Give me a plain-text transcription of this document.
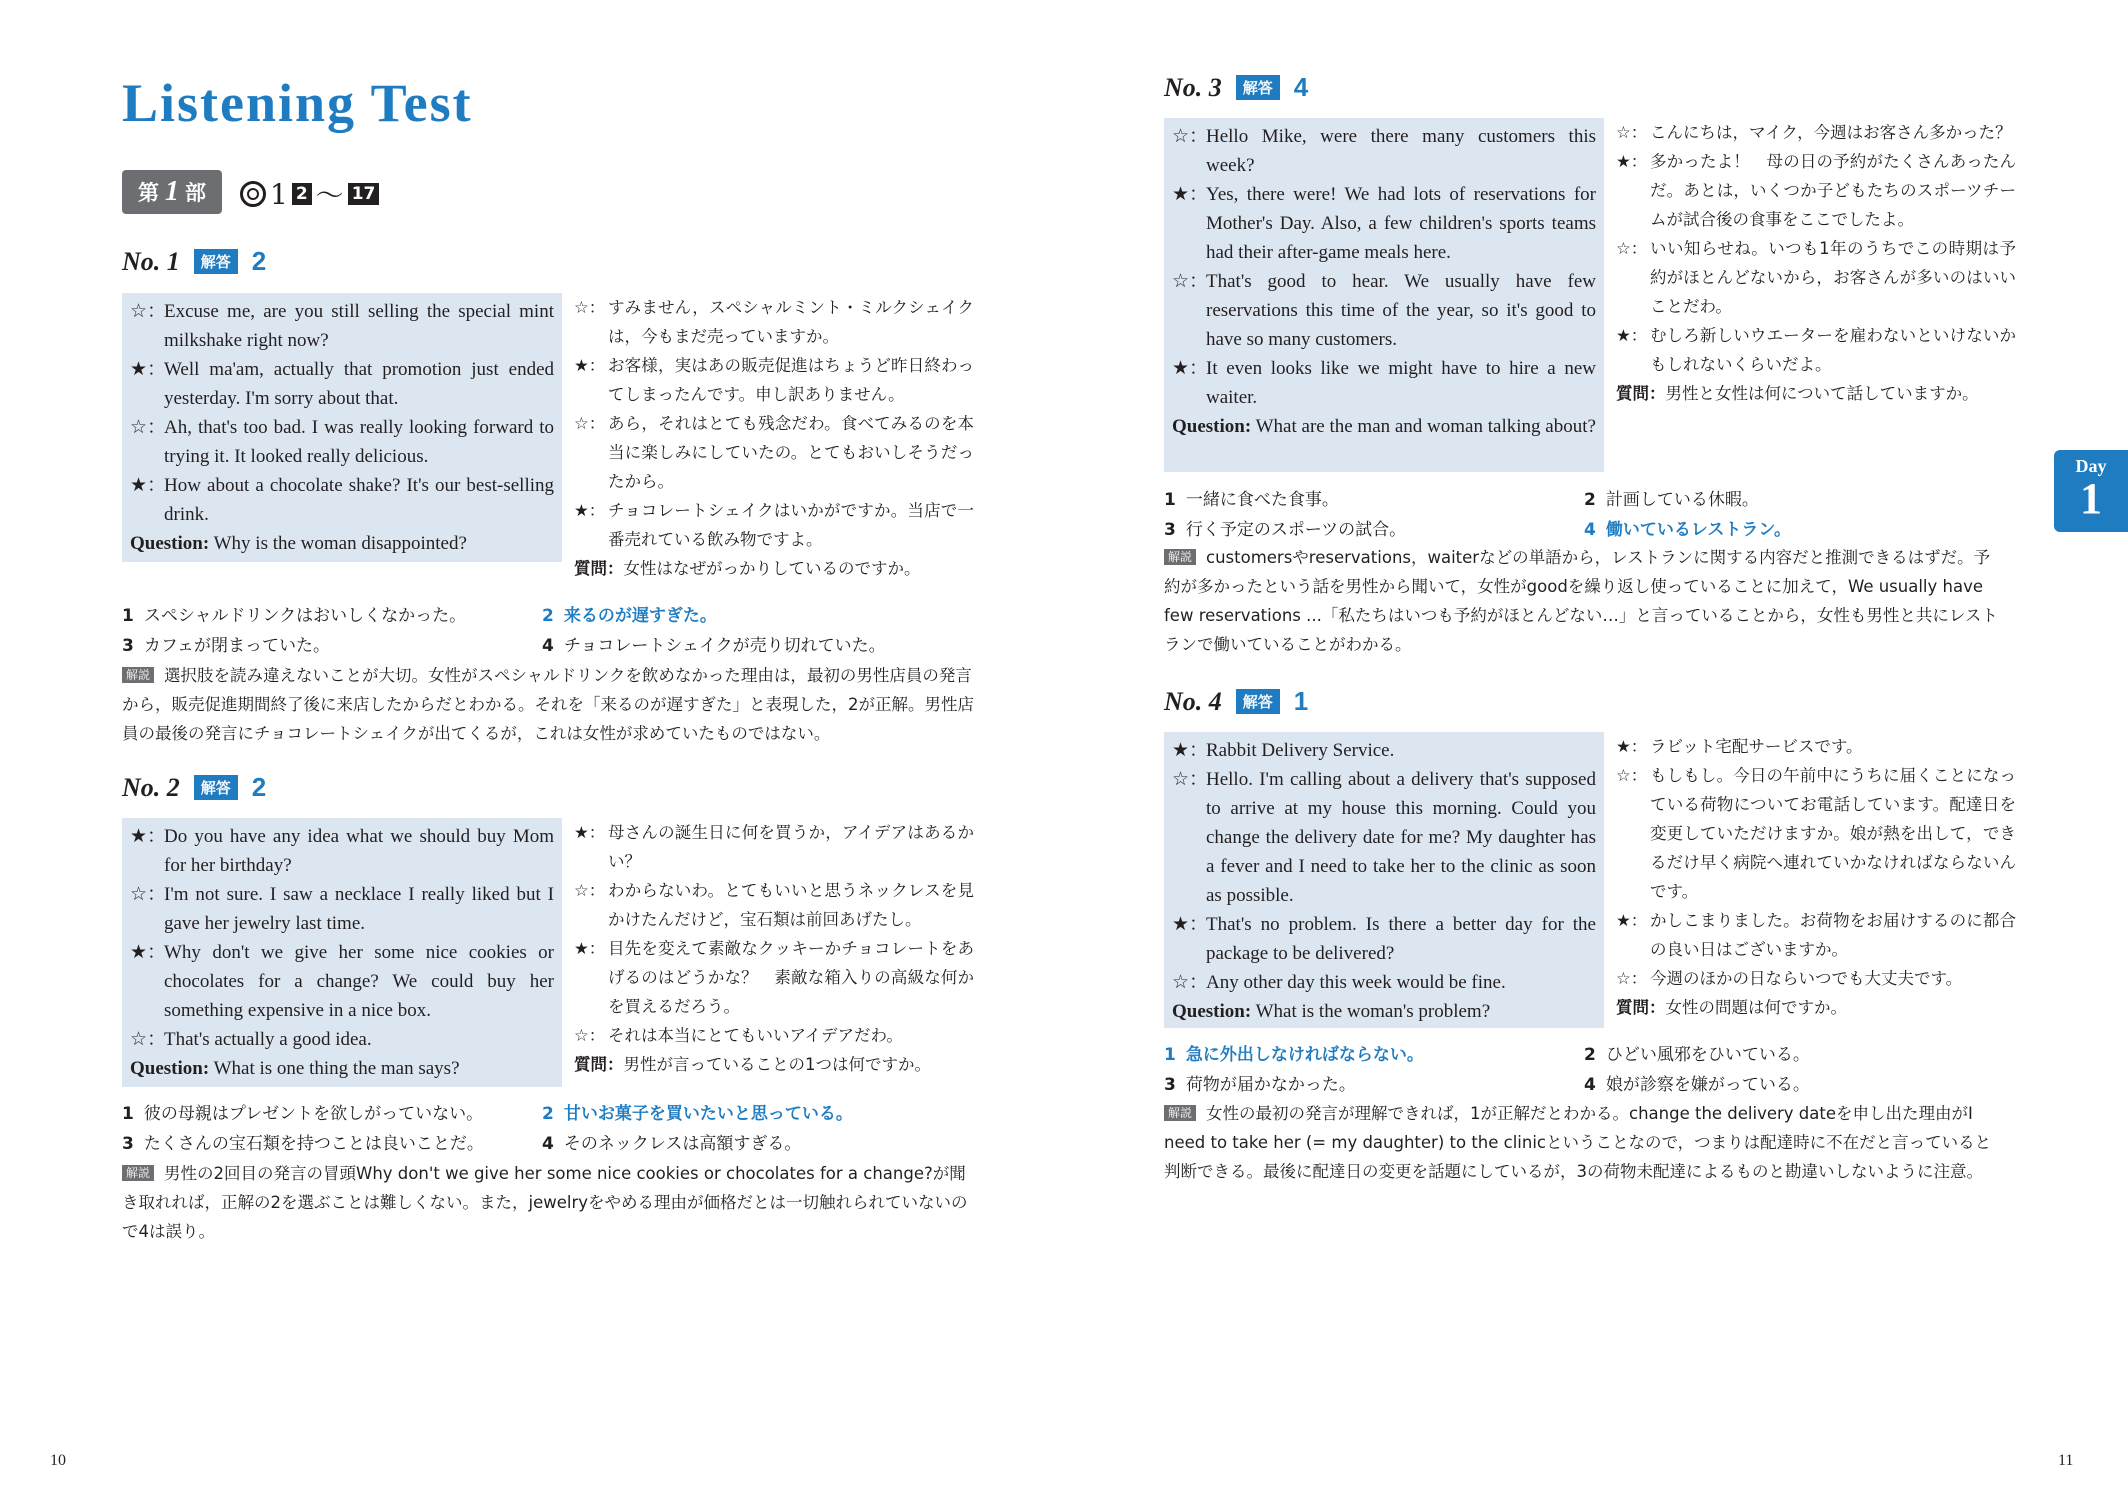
Listening Test
第 1 部 1 2 〜 17
No. 1	解答 2
☆：
Excuse me, are you still selling the special mint milkshake right now?
★：
Well ma'am, actually that promotion just ended yesterday. I'm sorry about that.
☆：
Ah, that's too bad. I was really looking forward to trying it. It looked really delicious.
★：
How about a chocolate shake? It's our best-selling drink.
Question: Why is the woman disappointed?
☆： すみません，スペシャルミント・ミルクシェイクは，今もまだ売っていますか。
★： お客様，実はあの販売促進はちょうど昨日終わってしまったんです。申し訳ありません。
☆： あら，それはとても残念だわ。食べてみるのを本当に楽しみにしていたの。とてもおいしそうだったから。
★： チョコレートシェイクはいかがですか。当店で一番売れている飲み物ですよ。
質問：女性はなぜがっかりしているのですか。
1 スペシャルドリンクはおいしくなかった。	2 来るのが遅すぎた。
3 カフェが閉まっていた。	4 チョコレートシェイクが売り切れていた。
解説 選択肢を読み違えないことが大切。女性がスペシャルドリンクを飲めなかった理由は，最初の男性店員の発言から，販売促進期間終了後に来店したからだとわかる。それを「来るのが遅すぎた」と表現した，2が正解。男性店員の最後の発言にチョコレートシェイクが出てくるが，これは女性が求めていたものではない。
No. 2	解答 2
★：
Do you have any idea what we should buy Mom for her birthday?
☆：
I'm not sure. I saw a necklace I really liked but I gave her jewelry last time.
★：
Why don't we give her some nice cookies or chocolates for a change? We could buy her something expensive in a nice box.
☆：
That's actually a good idea.
Question: What is one thing the man says?
★： 母さんの誕生日に何を買うか，アイデアはあるかい？
☆： わからないわ。とてもいいと思うネックレスを見かけたんだけど，宝石類は前回あげたし。
★： 目先を変えて素敵なクッキーかチョコレートをあげるのはどうかな？　素敵な箱入りの高級な何かを買えるだろう。
☆： それは本当にとてもいいアイデアだわ。
質問：男性が言っていることの1つは何ですか。
1 彼の母親はプレゼントを欲しがっていない。	2 甘いお菓子を買いたいと思っている。
3 たくさんの宝石類を持つことは良いことだ。	4 そのネックレスは高額すぎる。
解説 男性の2回目の発言の冒頭Why don't we give her some nice cookies or chocolates for a change?が聞き取れれば，正解の2を選ぶことは難しくない。また，jewelryをやめる理由が価格だとは一切触れられていないので4は誤り。
10
No. 3	解答 4
☆：
Hello Mike, were there many customers this week?
★：
Yes, there were! We had lots of reservations for Mother's Day. Also, a few children's sports teams had their after-game meals here.
☆：
That's good to hear. We usually have few reservations this time of the year, so it's good to have so many customers.
★：
It even looks like we might have to hire a new waiter.
Question: What are the man and woman talking about?
☆： こんにちは，マイク，今週はお客さん多かった？
★： 多かったよ！　母の日の予約がたくさんあったんだ。あとは，いくつか子どもたちのスポーツチームが試合後の食事をここでしたよ。
☆： いい知らせね。いつも1年のうちでこの時期は予約がほとんどないから，お客さんが多いのはいいことだわ。
★： むしろ新しいウエーターを雇わないといけないかもしれないくらいだよ。
質問：男性と女性は何について話していますか。
1 一緒に食べた食事。	2 計画している休暇。
3 行く予定のスポーツの試合。	4 働いているレストラン。
解説 customersやreservations，waiterなどの単語から，レストランに関する内容だと推測できるはずだ。予約が多かったという話を男性から聞いて，女性がgoodを繰り返し使っていることに加えて，We usually have few reservations ...「私たちはいつも予約がほとんどない…」と言っていることから，女性も男性と共にレストランで働いていることがわかる。
No. 4	解答 1
★：
Rabbit Delivery Service.
☆：
Hello. I'm calling about a delivery that's supposed to arrive at my house this morning. Could you change the delivery date for me? My daughter has a fever and I need to take her to the clinic as soon as possible.
★：
That's no problem. Is there a better day for the package to be delivered?
☆：
Any other day this week would be fine.
Question: What is the woman's problem?
★： ラビット宅配サービスです。
☆： もしもし。今日の午前中にうちに届くことになっている荷物についてお電話しています。配達日を変更していただけますか。娘が熱を出して，できるだけ早く病院へ連れていかなければならないんです。
★： かしこまりました。お荷物をお届けするのに都合の良い日はございますか。
☆： 今週のほかの日ならいつでも大丈夫です。
質問：女性の問題は何ですか。
1 急に外出しなければならない。	2 ひどい風邪をひいている。
3 荷物が届かなかった。	4 娘が診察を嫌がっている。
解説 女性の最初の発言が理解できれば，1が正解だとわかる。change the delivery dateを申し出た理由がI need to take her (= my daughter) to the clinicということなので，つまりは配達時に不在だと言っていると判断できる。最後に配達日の変更を話題にしているが，3の荷物未配達によるものと勘違いしないように注意。
Day
1
11
